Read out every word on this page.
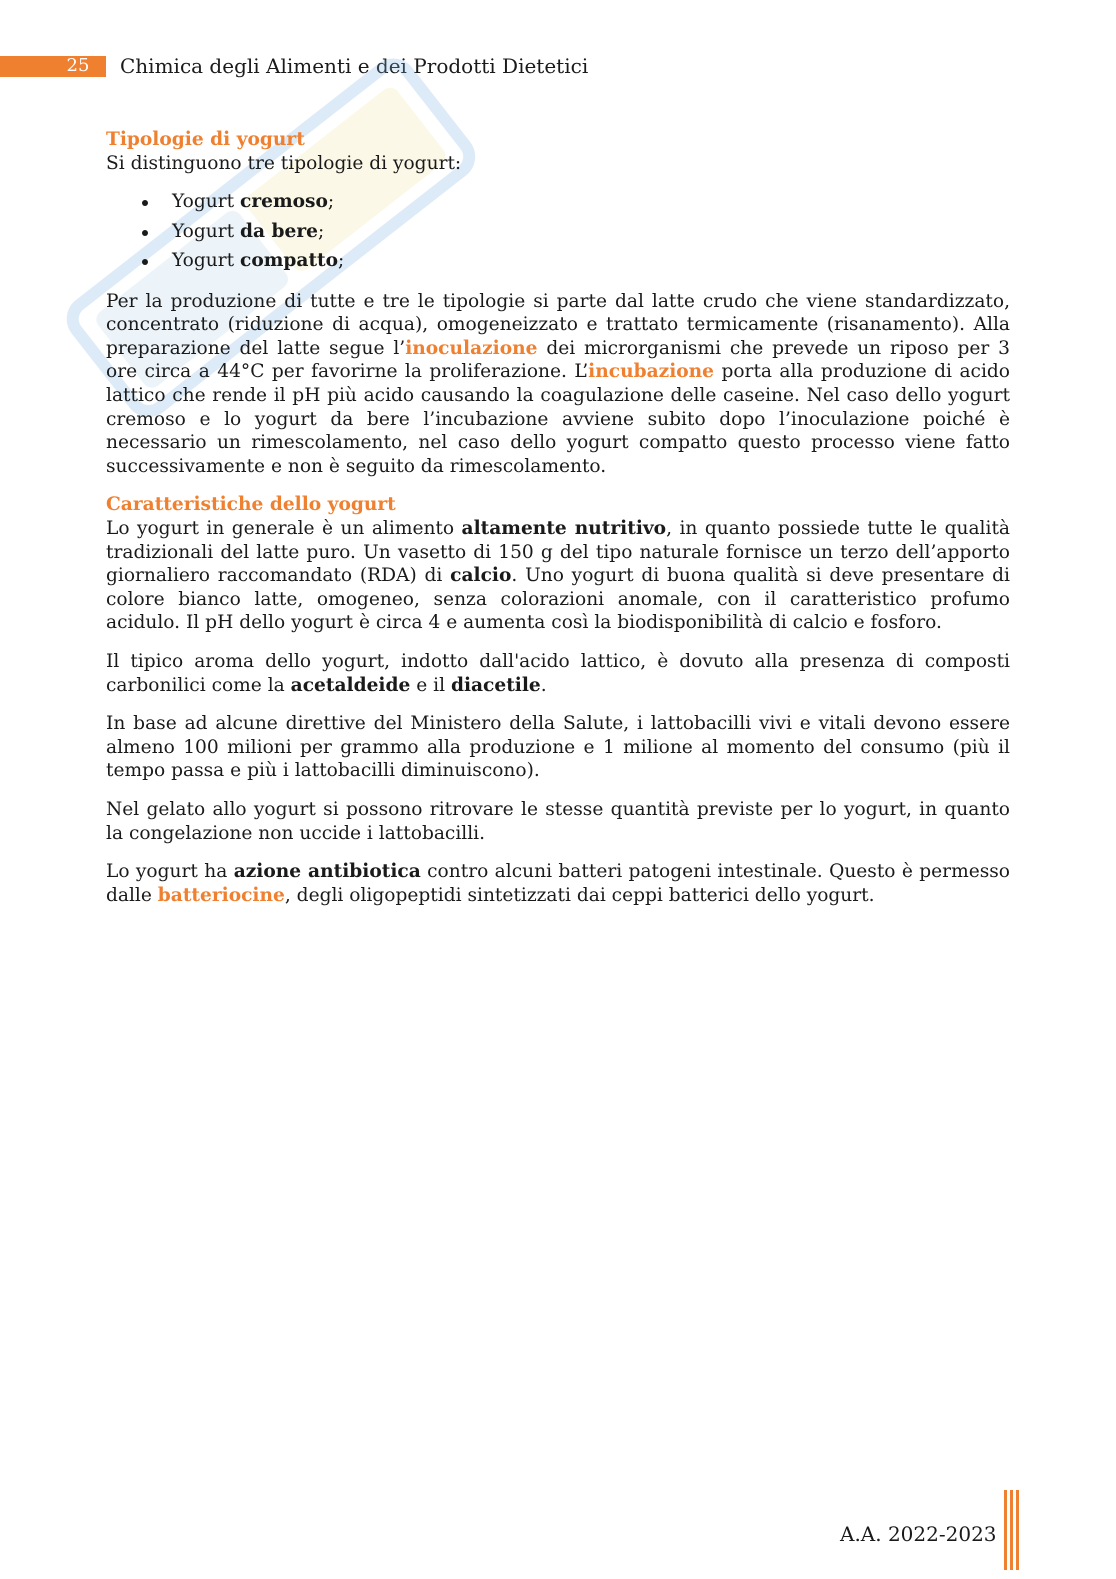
25	Chimica degli Alimenti e dei Prodotti Dietetici
Tipologie di yogurt

Si distinguono tre tipologie di yogurt:

Yogurt cremoso;
Yogurt da bere;
Yogurt compatto;

Per la produzione di tutte e tre le tipologie si parte dal latte crudo che viene standardizzato, concentrato (riduzione di acqua), omogeneizzato e trattato termicamente (risanamento). Alla preparazione del latte segue l’inoculazione dei microrganismi che prevede un riposo per 3 ore circa a 44°C per favorirne la proliferazione. L’incubazione porta alla produzione di acido lattico che rende il pH più acido causando la coagulazione delle caseine. Nel caso dello yogurt cremoso e lo yogurt da bere l’incubazione avviene subito dopo l’inoculazione poiché è necessario un rimescolamento, nel caso dello yogurt compatto questo processo viene fatto successivamente e non è seguito da rimescolamento.

Caratteristiche dello yogurt

Lo yogurt in generale è un alimento altamente nutritivo, in quanto possiede tutte le qualità tradizionali del latte puro. Un vasetto di 150 g del tipo naturale fornisce un terzo dell’apporto giornaliero raccomandato (RDA) di calcio. Uno yogurt di buona qualità si deve presentare di colore bianco latte, omogeneo, senza colorazioni anomale, con il caratteristico profumo acidulo. Il pH dello yogurt è circa 4 e aumenta così la biodisponibilità di calcio e fosforo.

Il tipico aroma dello yogurt, indotto dall'acido lattico, è dovuto alla presenza di composti carbonilici come la acetaldeide e il diacetile.

In base ad alcune direttive del Ministero della Salute, i lattobacilli vivi e vitali devono essere almeno 100 milioni per grammo alla produzione e 1 milione al momento del consumo (più il tempo passa e più i lattobacilli diminuiscono).

Nel gelato allo yogurt si possono ritrovare le stesse quantità previste per lo yogurt, in quanto la congelazione non uccide i lattobacilli.

Lo yogurt ha azione antibiotica contro alcuni batteri patogeni intestinale. Questo è permesso dalle batteriocine, degli oligopeptidi sintetizzati dai ceppi batterici dello yogurt.

A.A. 2022-2023
